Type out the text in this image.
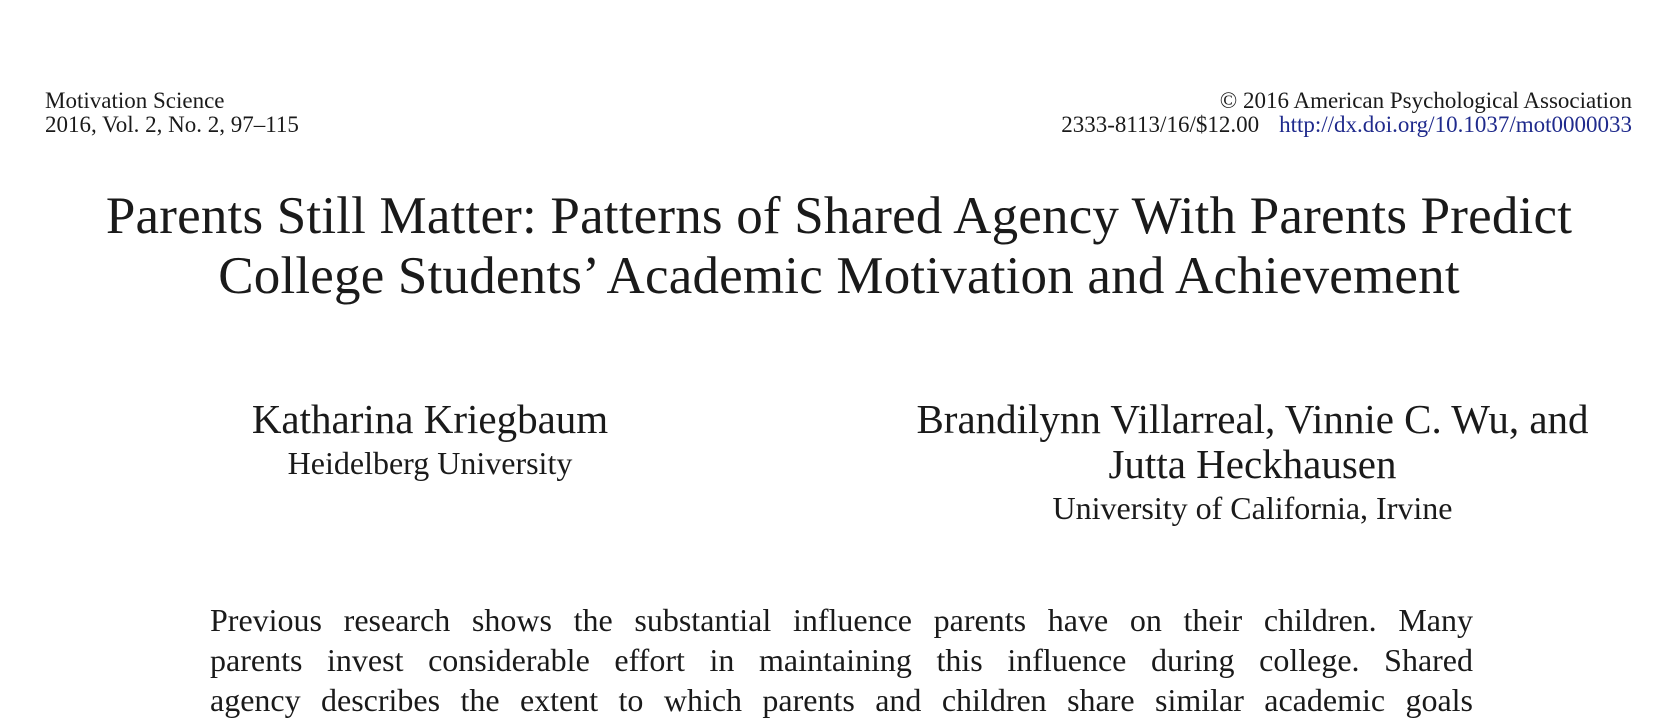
Motivation Science
2016, Vol. 2, No. 2, 97–115
© 2016 American Psychological Association
2333-8113/16/$12.00 http://dx.doi.org/10.1037/mot0000033
Parents Still Matter: Patterns of Shared Agency With Parents Predict
College Students’ Academic Motivation and Achievement
Katharina Kriegbaum
Heidelberg University
Brandilynn Villarreal, Vinnie C. Wu, and
Jutta Heckhausen
University of California, Irvine
Previous research shows the substantial influence parents have on their children. Many
parents invest considerable effort in maintaining this influence during college. Shared
agency describes the extent to which parents and children share similar academic goals
